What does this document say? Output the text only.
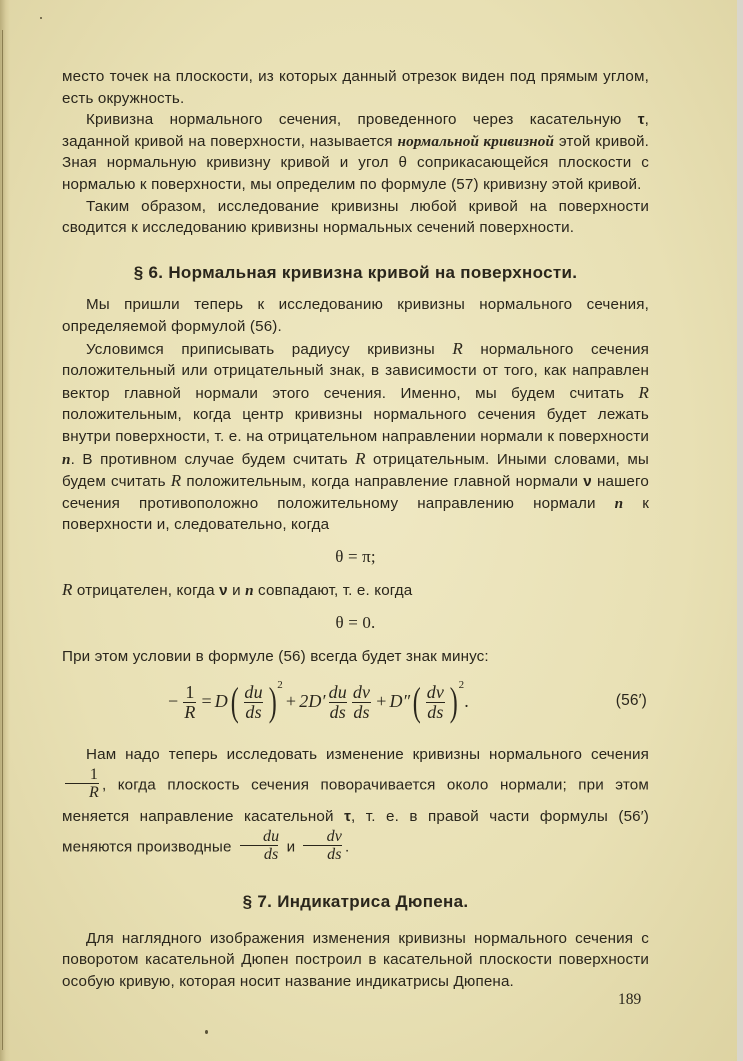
место точек на плоскости, из которых данный отрезок виден под прямым углом, есть окружность.

Кривизна нормального сечения, проведенного через касательную τ, заданной кривой на поверхности, называется нормальной кривизной этой кривой. Зная нормальную кривизну кривой и угол θ соприкасающейся плоскости с нормалью к поверхности, мы определим по формуле (57) кривизну этой кривой.

Таким образом, исследование кривизны любой кривой на поверхности сводится к исследованию кривизны нормальных сечений поверхности.

§ 6. Нормальная кривизна кривой на поверхности.

Мы пришли теперь к исследованию кривизны нормального сечения, определяемой формулой (56).

Условимся приписывать радиусу кривизны R нормального сечения положительный или отрицательный знак, в зависимости от того, как направлен вектор главной нормали этого сечения. Именно, мы будем считать R положительным, когда центр кривизны нормального сечения будет лежать внутри поверхности, т. е. на отрицательном направлении нормали к поверхности n. В противном случае будем считать R отрицательным. Иными словами, мы будем считать R положительным, когда направление главной нормали ν нашего сечения противоположно положительному направлению нормали n к поверхности и, следовательно, когда

θ = π;

R отрицателен, когда ν и n совпадают, т. е. когда

θ = 0.

При этом условии в формуле (56) всегда будет знак минус:

− $\frac{1}{R} = D$ ( $\frac{du}{ds}$ ) 2
+ $2D' \frac{du}{ds} \frac{dv}{ds} + D''$ ( $\frac{dv}{ds}$ ) 2
.	(56′)

Нам надо теперь исследовать изменение кривизны нормального сечения
$\frac{1}{R}$ , когда плоскость сечения поворачивается около нормали; при этом меняется направление касательной τ, т. е. в правой части формулы (56′) меняются производные $\frac{du}{ds}$ и $\frac{dv}{ds}$ .

§ 7. Индикатриса Дюпена.

Для наглядного изображения изменения кривизны нормального сечения с поворотом касательной Дюпен построил в касательной плоскости поверхности особую кривую, которая носит название индикатрисы Дюпена.

189
